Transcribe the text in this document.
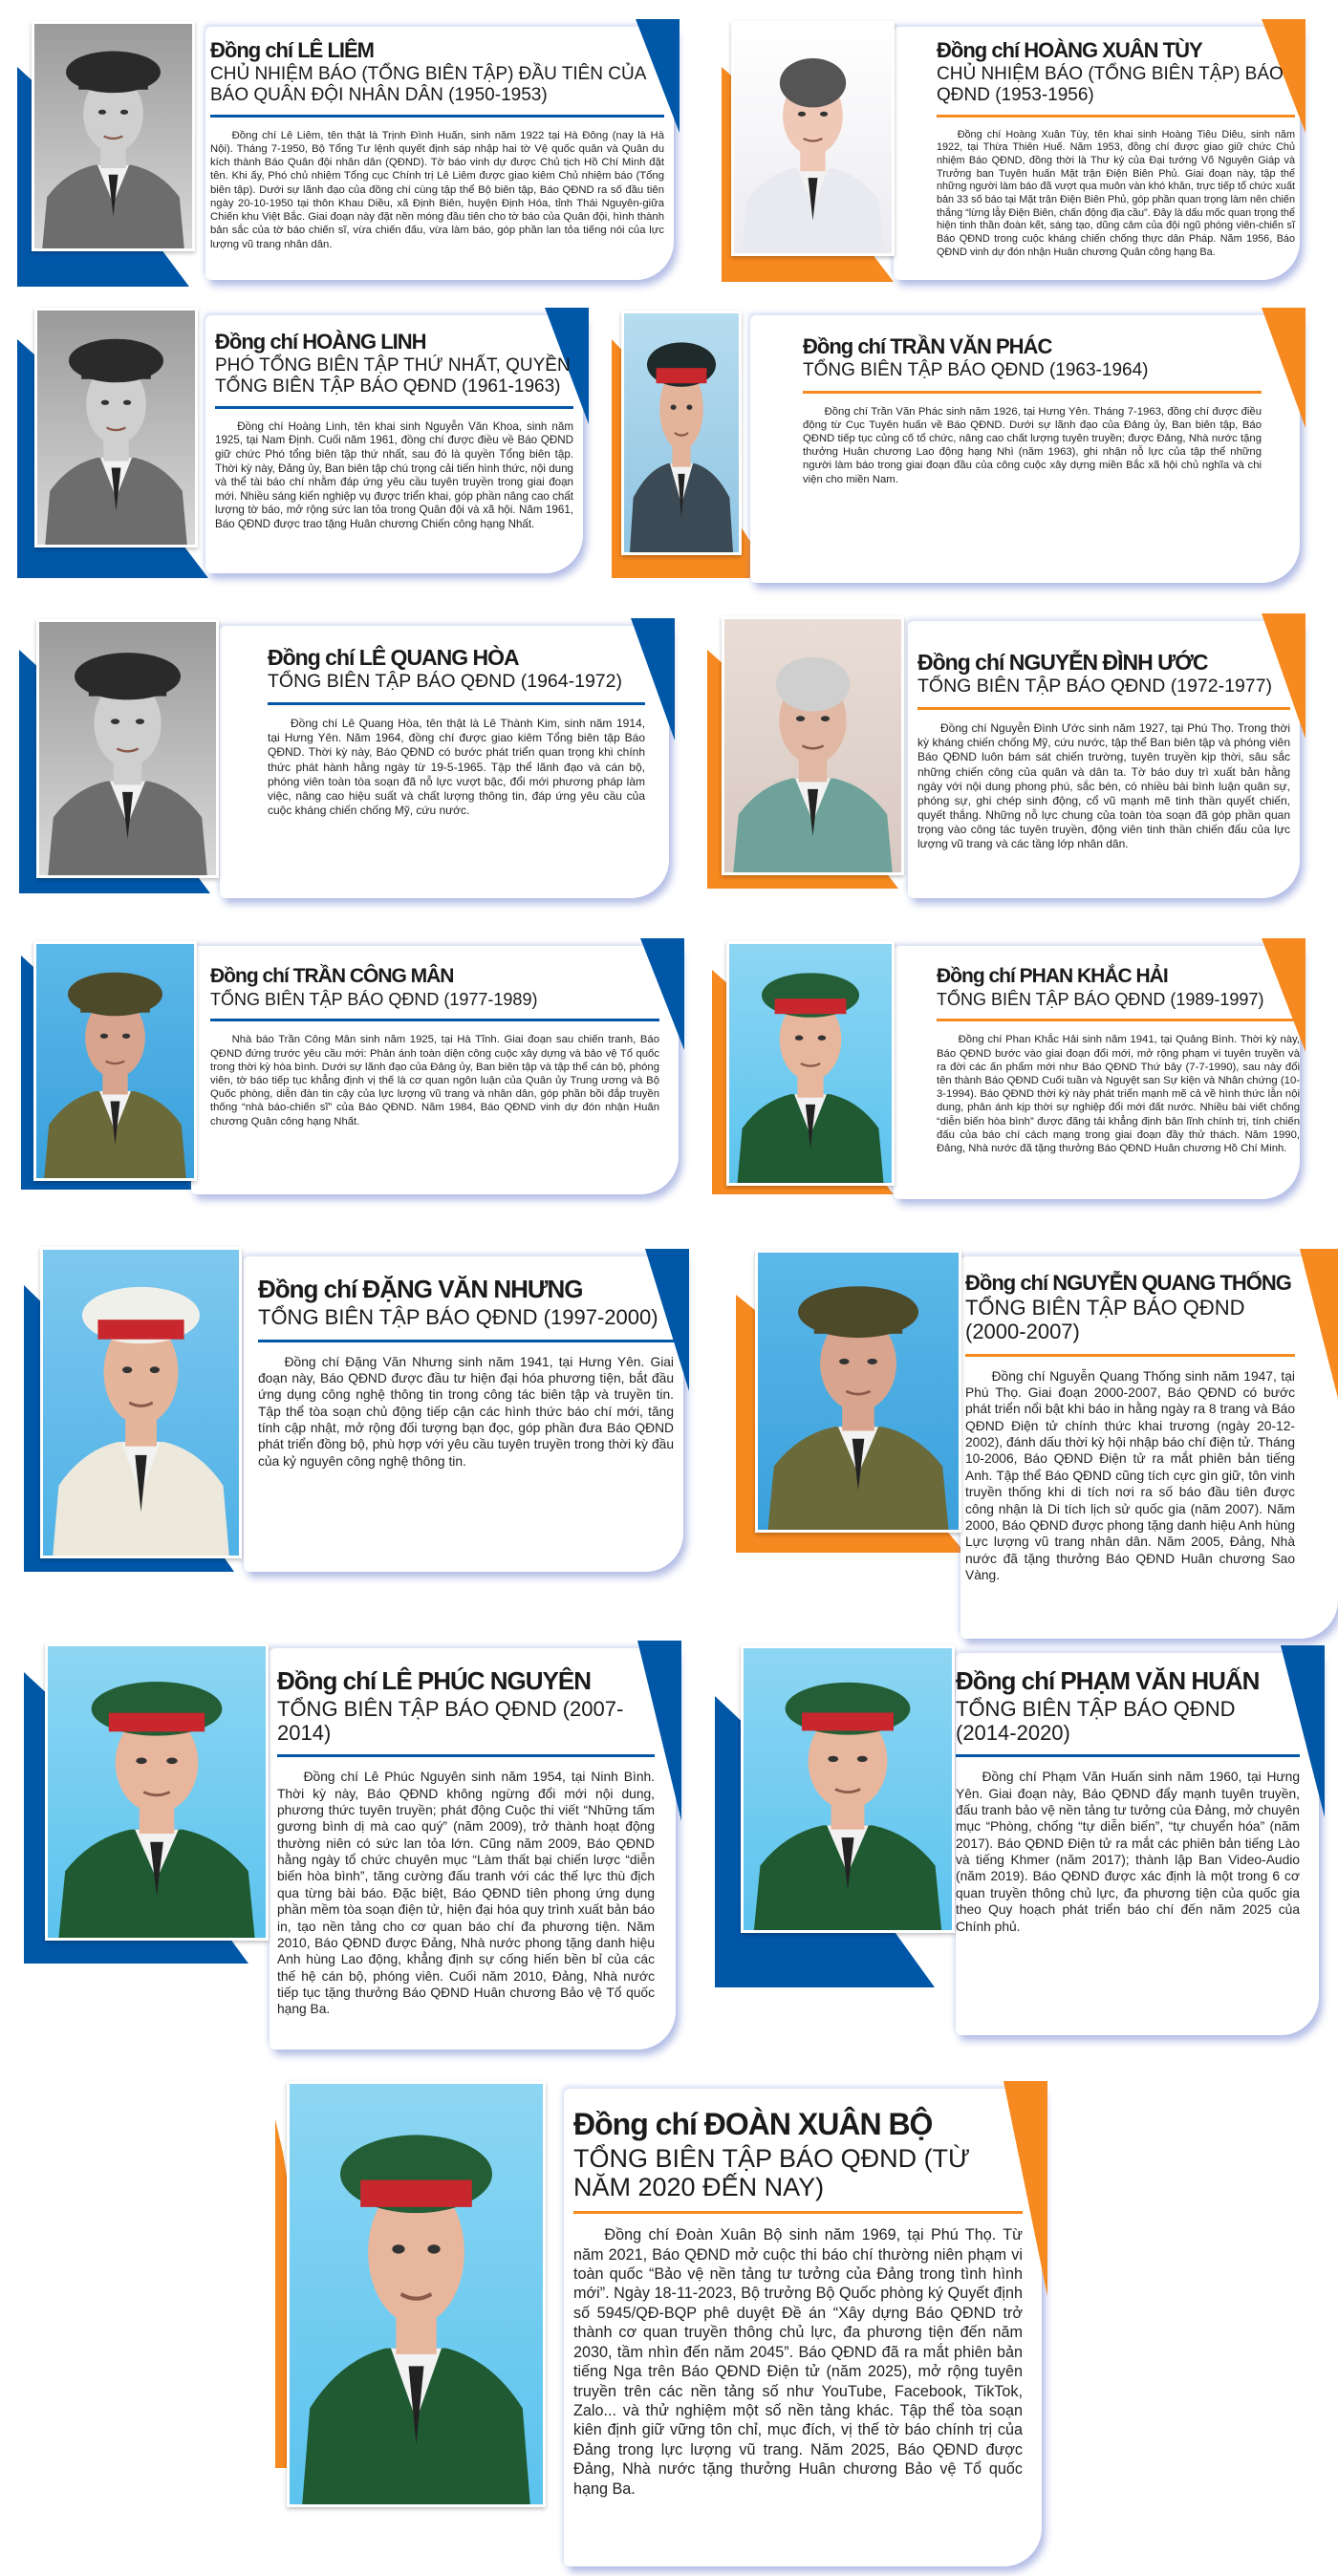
Đồng chí LÊ LIÊM
CHỦ NHIỆM BÁO (TỔNG BIÊN TẬP) ĐẦU TIÊN CỦA BÁO QUÂN ĐỘI NHÂN DÂN (1950-1953)
Đồng chí Lê Liêm, tên thật là Trịnh Đình Huấn, sinh năm 1922 tại Hà Đông (nay là Hà Nội). Tháng 7-1950, Bộ Tổng Tư lệnh quyết định sáp nhập hai tờ Vệ quốc quân và Quân du kích thành Báo Quân đội nhân dân (QĐND). Tờ báo vinh dự được Chủ tịch Hồ Chí Minh đặt tên. Khi ấy, Phó chủ nhiệm Tổng cục Chính trị Lê Liêm được giao kiêm Chủ nhiệm báo (Tổng biên tập). Dưới sự lãnh đạo của đồng chí cùng tập thể Bộ biên tập, Báo QĐND ra số đầu tiên ngày 20-10-1950 tại thôn Khau Diều, xã Định Biên, huyện Định Hóa, tỉnh Thái Nguyên-giữa Chiến khu Việt Bắc. Giai đoạn này đặt nền móng đầu tiên cho tờ báo của Quân đội, hình thành bản sắc của tờ báo chiến sĩ, vừa chiến đấu, vừa làm báo, góp phần lan tỏa tiếng nói của lực lượng vũ trang nhân dân.
Đồng chí HOÀNG XUÂN TÙY
CHỦ NHIỆM BÁO (TỔNG BIÊN TẬP) BÁO QĐND (1953-1956)
Đồng chí Hoàng Xuân Tùy, tên khai sinh Hoàng Tiêu Diêu, sinh năm 1922, tại Thừa Thiên Huế. Năm 1953, đồng chí được giao giữ chức Chủ nhiệm Báo QĐND, đồng thời là Thư ký của Đại tướng Võ Nguyên Giáp và Trưởng ban Tuyên huấn Mặt trận Điện Biên Phủ. Giai đoạn này, tập thể những người làm báo đã vượt qua muôn vàn khó khăn, trực tiếp tổ chức xuất bản 33 số báo tại Mặt trận Điện Biên Phủ, góp phần quan trọng làm nên chiến thắng “lừng lẫy Điện Biên, chấn động địa cầu”. Đây là dấu mốc quan trọng thể hiện tinh thần đoàn kết, sáng tạo, dũng cảm của đội ngũ phóng viên-chiến sĩ Báo QĐND trong cuộc kháng chiến chống thực dân Pháp. Năm 1956, Báo QĐND vinh dự đón nhận Huân chương Quân công hạng Ba.
Đồng chí HOÀNG LINH
PHÓ TỔNG BIÊN TẬP THỨ NHẤT, QUYỀN TỔNG BIÊN TẬP BÁO QĐND (1961-1963)
Đồng chí Hoàng Linh, tên khai sinh Nguyễn Văn Khoa, sinh năm 1925, tại Nam Định. Cuối năm 1961, đồng chí được điều về Báo QĐND giữ chức Phó tổng biên tập thứ nhất, sau đó là quyền Tổng biên tập. Thời kỳ này, Đảng ủy, Ban biên tập chú trọng cải tiến hình thức, nội dung và thể tài báo chí nhằm đáp ứng yêu cầu tuyên truyền trong giai đoạn mới. Nhiều sáng kiến nghiệp vụ được triển khai, góp phần nâng cao chất lượng tờ báo, mở rộng sức lan tỏa trong Quân đội và xã hội. Năm 1961, Báo QĐND được trao tặng Huân chương Chiến công hạng Nhất.
Đồng chí TRẦN VĂN PHÁC
TỔNG BIÊN TẬP BÁO QĐND (1963-1964)
Đồng chí Trần Văn Phác sinh năm 1926, tại Hưng Yên. Tháng 7-1963, đồng chí được điều động từ Cục Tuyên huấn về Báo QĐND. Dưới sự lãnh đạo của Đảng ủy, Ban biên tập, Báo QĐND tiếp tục củng cố tổ chức, nâng cao chất lượng tuyên truyền; được Đảng, Nhà nước tặng thưởng Huân chương Lao động hạng Nhì (năm 1963), ghi nhận nỗ lực của tập thể những người làm báo trong giai đoạn đầu của công cuộc xây dựng miền Bắc xã hội chủ nghĩa và chi viện cho miền Nam.
Đồng chí LÊ QUANG HÒA
TỔNG BIÊN TẬP BÁO QĐND (1964-1972)
Đồng chí Lê Quang Hòa, tên thật là Lê Thành Kim, sinh năm 1914, tại Hưng Yên. Năm 1964, đồng chí được giao kiêm Tổng biên tập Báo QĐND. Thời kỳ này, Báo QĐND có bước phát triển quan trọng khi chính thức phát hành hằng ngày từ 19-5-1965. Tập thể lãnh đạo và cán bộ, phóng viên toàn tòa soạn đã nỗ lực vượt bậc, đổi mới phương pháp làm việc, nâng cao hiệu suất và chất lượng thông tin, đáp ứng yêu cầu của cuộc kháng chiến chống Mỹ, cứu nước.
Đồng chí NGUYỄN ĐÌNH ƯỚC
TỔNG BIÊN TẬP BÁO QĐND (1972-1977)
Đồng chí Nguyễn Đình Ước sinh năm 1927, tại Phú Thọ. Trong thời kỳ kháng chiến chống Mỹ, cứu nước, tập thể Ban biên tập và phóng viên Báo QĐND luôn bám sát chiến trường, tuyên truyền kịp thời, sâu sắc những chiến công của quân và dân ta. Tờ báo duy trì xuất bản hằng ngày với nội dung phong phú, sắc bén, có nhiều bài bình luận quân sự, phóng sự, ghi chép sinh động, cổ vũ mạnh mẽ tinh thần quyết chiến, quyết thắng. Những nỗ lực chung của toàn tòa soạn đã góp phần quan trọng vào công tác tuyên truyền, động viên tinh thần chiến đấu của lực lượng vũ trang và các tầng lớp nhân dân.
Đồng chí TRẦN CÔNG MÂN
TỔNG BIÊN TẬP BÁO QĐND (1977-1989)
Nhà báo Trần Công Mân sinh năm 1925, tại Hà Tĩnh. Giai đoạn sau chiến tranh, Báo QĐND đứng trước yêu cầu mới: Phản ánh toàn diện công cuộc xây dựng và bảo vệ Tổ quốc trong thời kỳ hòa bình. Dưới sự lãnh đạo của Đảng ủy, Ban biên tập và tập thể cán bộ, phóng viên, tờ báo tiếp tục khẳng định vị thế là cơ quan ngôn luận của Quân ủy Trung ương và Bộ Quốc phòng, diễn đàn tin cậy của lực lượng vũ trang và nhân dân, góp phần bồi đắp truyền thống “nhà báo-chiến sĩ” của Báo QĐND. Năm 1984, Báo QĐND vinh dự đón nhận Huân chương Quân công hạng Nhất.
Đồng chí PHAN KHẮC HẢI
TỔNG BIÊN TẬP BÁO QĐND (1989-1997)
Đồng chí Phan Khắc Hải sinh năm 1941, tại Quảng Bình. Thời kỳ này, Báo QĐND bước vào giai đoạn đổi mới, mở rộng phạm vi tuyên truyền và ra đời các ấn phẩm mới như Báo QĐND Thứ bảy (7-7-1990), sau này đổi tên thành Báo QĐND Cuối tuần và Nguyệt san Sự kiện và Nhân chứng (10-3-1994). Báo QĐND thời kỳ này phát triển mạnh mẽ cả về hình thức lẫn nội dung, phản ánh kịp thời sự nghiệp đổi mới đất nước. Nhiều bài viết chống “diễn biến hòa bình” được đăng tải khẳng định bản lĩnh chính trị, tính chiến đấu của báo chí cách mạng trong giai đoạn đầy thử thách. Năm 1990, Đảng, Nhà nước đã tặng thưởng Báo QĐND Huân chương Hồ Chí Minh.
Đồng chí ĐẶNG VĂN NHƯNG
TỔNG BIÊN TẬP BÁO QĐND (1997-2000)
Đồng chí Đặng Văn Nhưng sinh năm 1941, tại Hưng Yên. Giai đoạn này, Báo QĐND được đầu tư hiện đại hóa phương tiện, bắt đầu ứng dụng công nghệ thông tin trong công tác biên tập và truyền tin. Tập thể tòa soạn chủ động tiếp cận các hình thức báo chí mới, tăng tính cập nhật, mở rộng đối tượng bạn đọc, góp phần đưa Báo QĐND phát triển đồng bộ, phù hợp với yêu cầu tuyên truyền trong thời kỳ đầu của kỷ nguyên công nghệ thông tin.
Đồng chí NGUYỄN QUANG THỐNG
TỔNG BIÊN TẬP BÁO QĐND (2000-2007)
Đồng chí Nguyễn Quang Thống sinh năm 1947, tại Phú Thọ. Giai đoạn 2000-2007, Báo QĐND có bước phát triển nổi bật khi báo in hằng ngày ra 8 trang và Báo QĐND Điện tử chính thức khai trương (ngày 20-12-2002), đánh dấu thời kỳ hội nhập báo chí điện tử. Tháng 10-2006, Báo QĐND Điện tử ra mắt phiên bản tiếng Anh. Tập thể Báo QĐND cũng tích cực gìn giữ, tôn vinh truyền thống khi di tích nơi ra số báo đầu tiên được công nhận là Di tích lịch sử quốc gia (năm 2007). Năm 2000, Báo QĐND được phong tặng danh hiệu Anh hùng Lực lượng vũ trang nhân dân. Năm 2005, Đảng, Nhà nước đã tặng thưởng Báo QĐND Huân chương Sao Vàng.
Đồng chí LÊ PHÚC NGUYÊN
TỔNG BIÊN TẬP BÁO QĐND (2007-2014)
Đồng chí Lê Phúc Nguyên sinh năm 1954, tại Ninh Bình. Thời kỳ này, Báo QĐND không ngừng đổi mới nội dung, phương thức tuyên truyền; phát động Cuộc thi viết “Những tấm gương bình dị mà cao quý” (năm 2009), trở thành hoạt động thường niên có sức lan tỏa lớn. Cũng năm 2009, Báo QĐND hằng ngày tổ chức chuyên mục “Làm thất bại chiến lược “diễn biến hòa bình”, tăng cường đấu tranh với các thế lực thù địch qua từng bài báo. Đặc biệt, Báo QĐND tiên phong ứng dụng phần mềm tòa soạn điện tử, hiện đại hóa quy trình xuất bản báo in, tạo nền tảng cho cơ quan báo chí đa phương tiện. Năm 2010, Báo QĐND được Đảng, Nhà nước phong tặng danh hiệu Anh hùng Lao động, khẳng định sự cống hiến bền bỉ của các thế hệ cán bộ, phóng viên. Cuối năm 2010, Đảng, Nhà nước tiếp tục tặng thưởng Báo QĐND Huân chương Bảo vệ Tổ quốc hạng Ba.
Đồng chí PHẠM VĂN HUẤN
TỔNG BIÊN TẬP BÁO QĐND (2014-2020)
Đồng chí Phạm Văn Huấn sinh năm 1960, tại Hưng Yên. Giai đoạn này, Báo QĐND đẩy mạnh tuyên truyền, đấu tranh bảo vệ nền tảng tư tưởng của Đảng, mở chuyên mục “Phòng, chống “tự diễn biến”, “tự chuyển hóa” (năm 2017). Báo QĐND Điện tử ra mắt các phiên bản tiếng Lào và tiếng Khmer (năm 2017); thành lập Ban Video-Audio (năm 2019). Báo QĐND được xác định là một trong 6 cơ quan truyền thông chủ lực, đa phương tiện của quốc gia theo Quy hoạch phát triển báo chí đến năm 2025 của Chính phủ.
Đồng chí ĐOÀN XUÂN BỘ
TỔNG BIÊN TẬP BÁO QĐND (TỪ NĂM 2020 ĐẾN NAY)
Đồng chí Đoàn Xuân Bộ sinh năm 1969, tại Phú Thọ. Từ năm 2021, Báo QĐND mở cuộc thi báo chí thường niên phạm vi toàn quốc “Bảo vệ nền tảng tư tưởng của Đảng trong tình hình mới”. Ngày 18-11-2023, Bộ trưởng Bộ Quốc phòng ký Quyết định số 5945/QĐ-BQP phê duyệt Đề án “Xây dựng Báo QĐND trở thành cơ quan truyền thông chủ lực, đa phương tiện đến năm 2030, tầm nhìn đến năm 2045”. Báo QĐND đã ra mắt phiên bản tiếng Nga trên Báo QĐND Điện tử (năm 2025), mở rộng tuyên truyền trên các nền tảng số như YouTube, Facebook, TikTok, Zalo... và thử nghiệm một số nền tảng khác. Tập thể tòa soạn kiên định giữ vững tôn chỉ, mục đích, vị thế tờ báo chính trị của Đảng trong lực lượng vũ trang. Năm 2025, Báo QĐND được Đảng, Nhà nước tặng thưởng Huân chương Bảo vệ Tổ quốc hạng Ba.
